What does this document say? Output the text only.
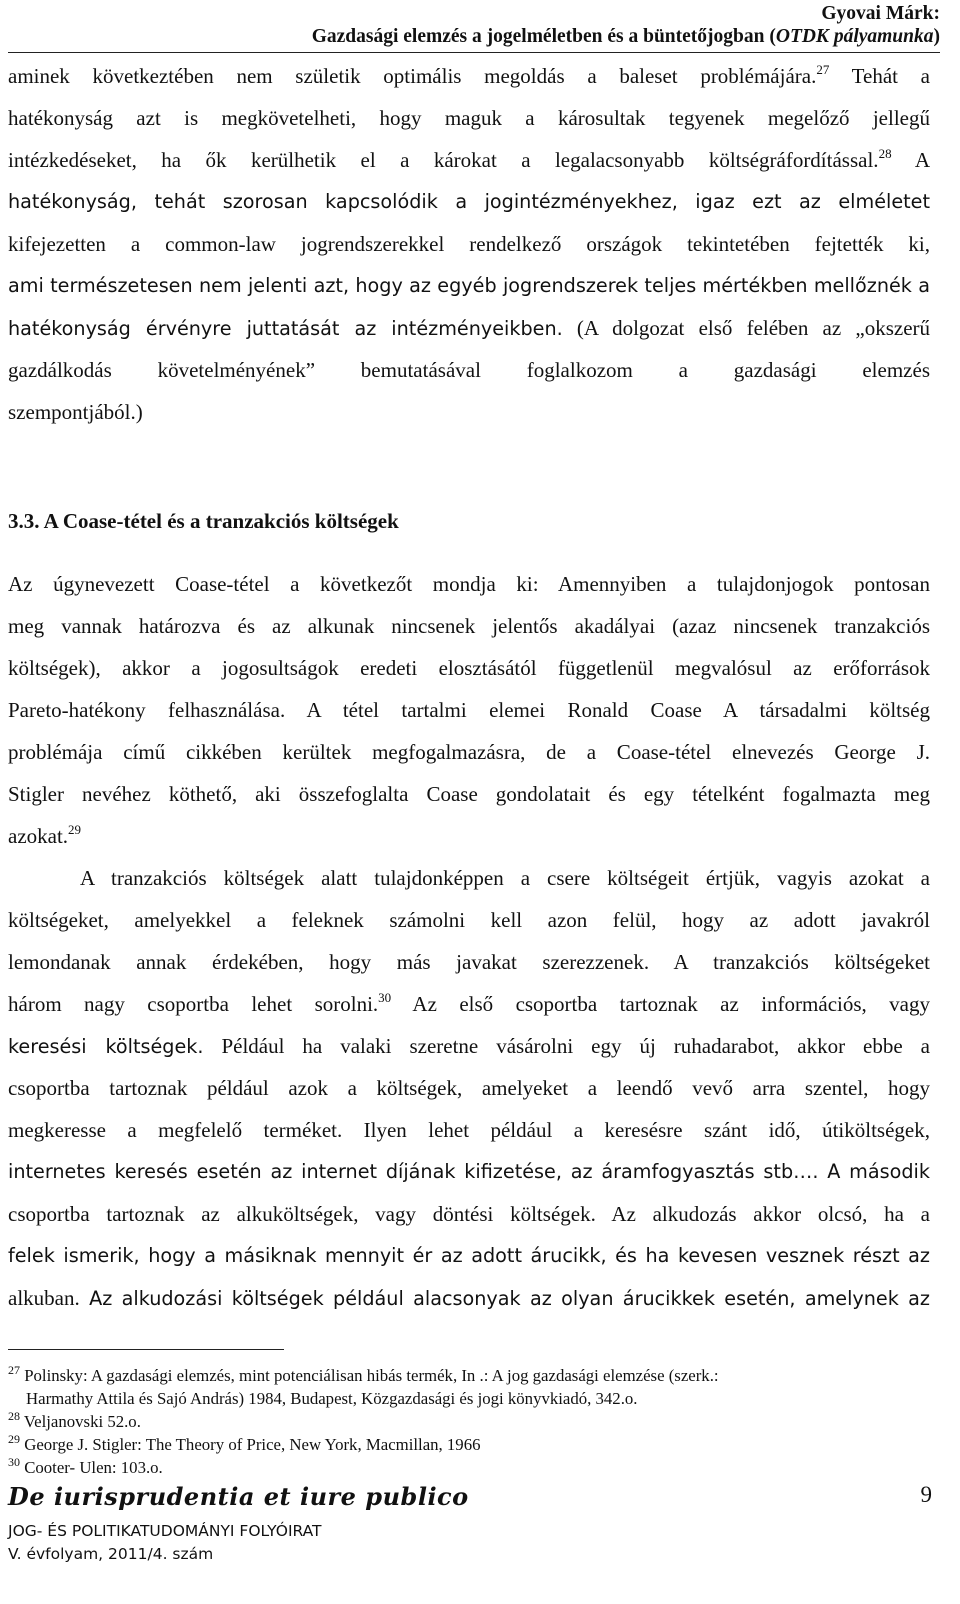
Gyovai Márk:
Gazdasági elemzés a jogelméletben és a büntetőjogban (OTDK pályamunka)
aminek következtében nem születik optimális megoldás a baleset problémájára.$^{27}$ Tehát a
hatékonyság azt is megkövetelheti, hogy maguk a károsultak tegyenek megelőző jellegű
intézkedéseket, ha ők kerülhetik el a károkat a legalacsonyabb költségráfordítással.$^{28}$ A
hatékonyság, tehát szorosan kapcsolódik a jogintézményekhez, igaz ezt az elméletet
kifejezetten a common-law jogrendszerekkel rendelkező országok tekintetében fejtették ki,
ami természetesen nem jelenti azt, hogy az egyéb jogrendszerek teljes mértékben mellőznék a
hatékonyság érvényre juttatását az intézményeikben. (A dolgozat első felében az „okszerű
gazdálkodás követelményének” bemutatásával foglalkozom a gazdasági elemzés
szempontjából.)
3.3. A Coase-tétel és a tranzakciós költségek
Az úgynevezett Coase-tétel a következőt mondja ki: Amennyiben a tulajdonjogok pontosan
meg vannak határozva és az alkunak nincsenek jelentős akadályai (azaz nincsenek tranzakciós
költségek), akkor a jogosultságok eredeti elosztásától függetlenül megvalósul az erőforrások
Pareto-hatékony felhasználása. A tétel tartalmi elemei Ronald Coase A társadalmi költség
problémája című cikkében kerültek megfogalmazásra, de a Coase-tétel elnevezés George J.
Stigler nevéhez köthető, aki összefoglalta Coase gondolatait és egy tételként fogalmazta meg
azokat.$^{29}$
A tranzakciós költségek alatt tulajdonképpen a csere költségeit értjük, vagyis azokat a
költségeket, amelyekkel a feleknek számolni kell azon felül, hogy az adott javakról
lemondanak annak érdekében, hogy más javakat szerezzenek. A tranzakciós költségeket
három nagy csoportba lehet sorolni.$^{30}$ Az első csoportba tartoznak az információs, vagy
keresési költségek. Például ha valaki szeretne vásárolni egy új ruhadarabot, akkor ebbe a
csoportba tartoznak például azok a költségek, amelyeket a leendő vevő arra szentel, hogy
megkeresse a megfelelő terméket. Ilyen lehet például a keresésre szánt idő, útiköltségek,
internetes keresés esetén az internet díjának kifizetése, az áramfogyasztás stb…. A második
csoportba tartoznak az alkuköltségek, vagy döntési költségek. Az alkudozás akkor olcsó, ha a
felek ismerik, hogy a másiknak mennyit ér az adott árucikk, és ha kevesen vesznek részt az
alkuban. Az alkudozási költségek például alacsonyak az olyan árucikkek esetén, amelynek az
$^{27}$ Polinsky: A gazdasági elemzés, mint potenciálisan hibás termék, In .: A jog gazdasági elemzése (szerk.:
Harmathy Attila és Sajó András) 1984, Budapest, Közgazdasági és jogi könyvkiadó, 342.o.
$^{28}$ Veljanovski 52.o.
$^{29}$ George J. Stigler: The Theory of Price, New York, Macmillan, 1966
$^{30}$ Cooter- Ulen: 103.o.
De iurisprudentia et iure publico
JOG- ÉS POLITIKATUDOMÁNYI FOLYÓIRAT
V. évfolyam, 2011/4. szám
9
